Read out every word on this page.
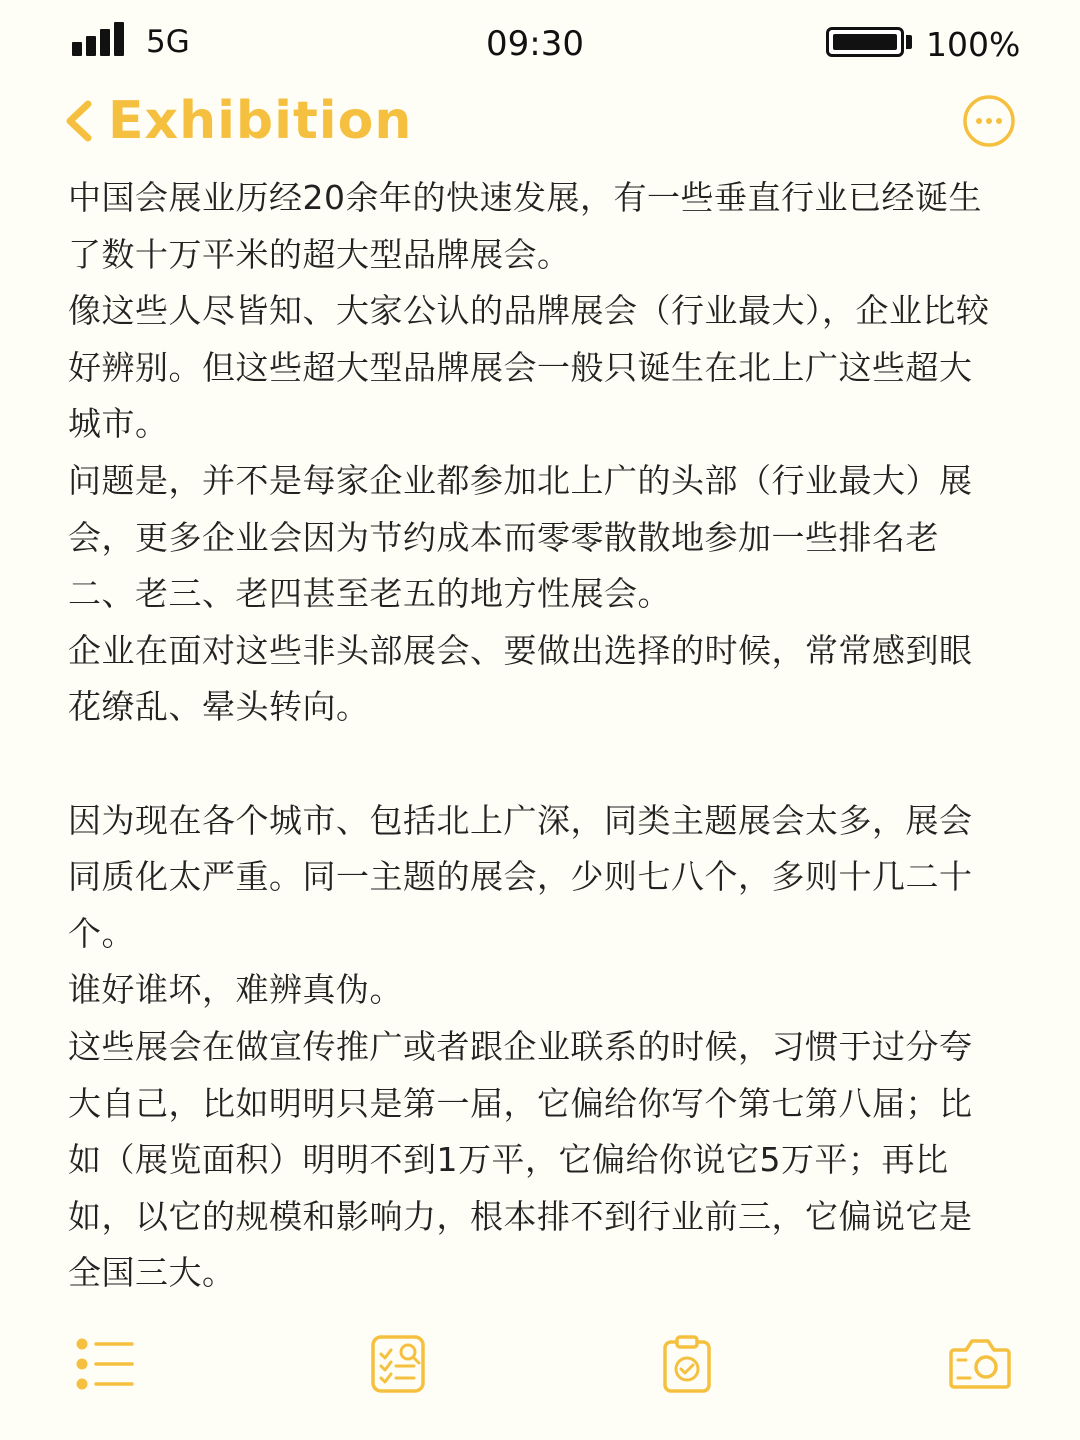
5G	09:30	100%
Exhibition

中国会展业历经20余年的快速发展，有一些垂直行业已经诞生了数十万平米的超大型品牌展会。

像这些人尽皆知、大家公认的品牌展会（行业最大），企业比较好辨别。但这些超大型品牌展会一般只诞生在北上广这些超大城市。

问题是，并不是每家企业都参加北上广的头部（行业最大）展会，更多企业会因为节约成本而零零散散地参加一些排名老二、老三、老四甚至老五的地方性展会。

企业在面对这些非头部展会、要做出选择的时候，常常感到眼花缭乱、晕头转向。

因为现在各个城市、包括北上广深，同类主题展会太多，展会同质化太严重。同一主题的展会，少则七八个，多则十几二十个。

谁好谁坏，难辨真伪。

这些展会在做宣传推广或者跟企业联系的时候，习惯于过分夸大自己，比如明明只是第一届，它偏给你写个第七第八届；比如（展览面积）明明不到1万平，它偏给你说它5万平；再比如，以它的规模和影响力，根本排不到行业前三，它偏说它是全国三大。
